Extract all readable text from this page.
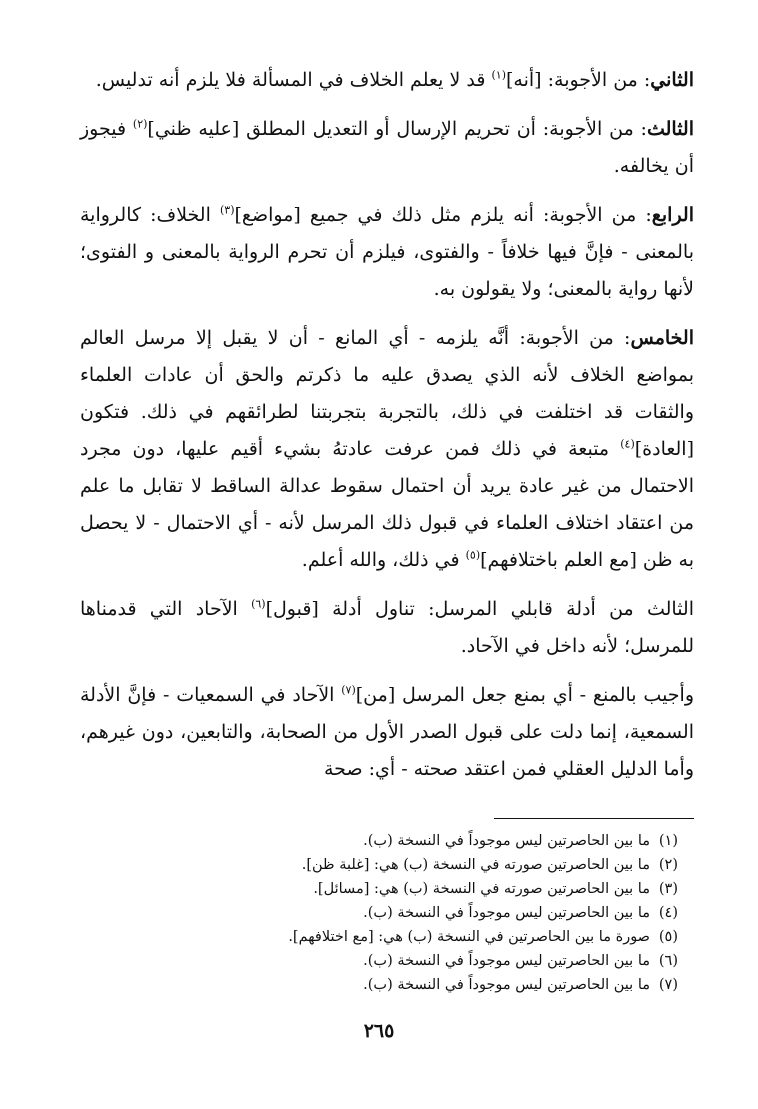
الثاني: من الأجوبة: [أنه]$^{(١)}$ قد لا يعلم الخلاف في المسألة فلا يلزم أنه تدليس.

الثالث: من الأجوبة: أن تحريم الإرسال أو التعديل المطلق [عليه ظني]$^{(٢)}$ فيجوز أن يخالفه.

الرابع: من الأجوبة: أنه يلزم مثل ذلك في جميع [مواضع]$^{(٣)}$ الخلاف: كالرواية بالمعنى - فإنَّ فيها خلافاً - والفتوى، فيلزم أن تحرم الرواية بالمعنى و الفتوى؛ لأنها رواية بالمعنى؛ ولا يقولون به.

الخامس: من الأجوبة: أنَّه يلزمه - أي المانع - أن لا يقبل إلا مرسل العالم بمواضع الخلاف لأنه الذي يصدق عليه ما ذكرتم والحق أن عادات العلماء والثقات قد اختلفت في ذلك، بالتجربة بتجربتنا لطرائقهم في ذلك. فتكون [العادة]$^{(٤)}$ متبعة في ذلك فمن عرفت عادتهُ بشيء أقيم عليها، دون مجرد الاحتمال من غير عادة يريد أن احتمال سقوط عدالة الساقط لا تقابل ما علم من اعتقاد اختلاف العلماء في قبول ذلك المرسل لأنه - أي الاحتمال - لا يحصل به ظن [مع العلم باختلافهم]$^{(٥)}$ في ذلك، والله أعلم.

الثالث من أدلة قابلي المرسل: تناول أدلة [قبول]$^{(٦)}$ الآحاد التي قدمناها للمرسل؛ لأنه داخل في الآحاد.

وأجيب بالمنع - أي بمنع جعل المرسل [من]$^{(٧)}$ الآحاد في السمعيات - فإنَّ الأدلة السمعية، إنما دلت على قبول الصدر الأول من الصحابة، والتابعين، دون غيرهم، وأما الدليل العقلي فمن اعتقد صحته - أي: صحة

(١)ما بين الحاصرتين ليس موجوداً في النسخة (ب).
(٢)ما بين الحاصرتين صورته في النسخة (ب) هي: [غلبة ظن].
(٣)ما بين الحاصرتين صورته في النسخة (ب) هي: [مسائل].
(٤)ما بين الحاصرتين ليس موجوداً في النسخة (ب).
(٥)صورة ما بين الحاصرتين في النسخة (ب) هي: [مع اختلافهم].
(٦)ما بين الحاصرتين ليس موجوداً في النسخة (ب).
(٧)ما بين الحاصرتين ليس موجوداً في النسخة (ب).
٢٦٥
